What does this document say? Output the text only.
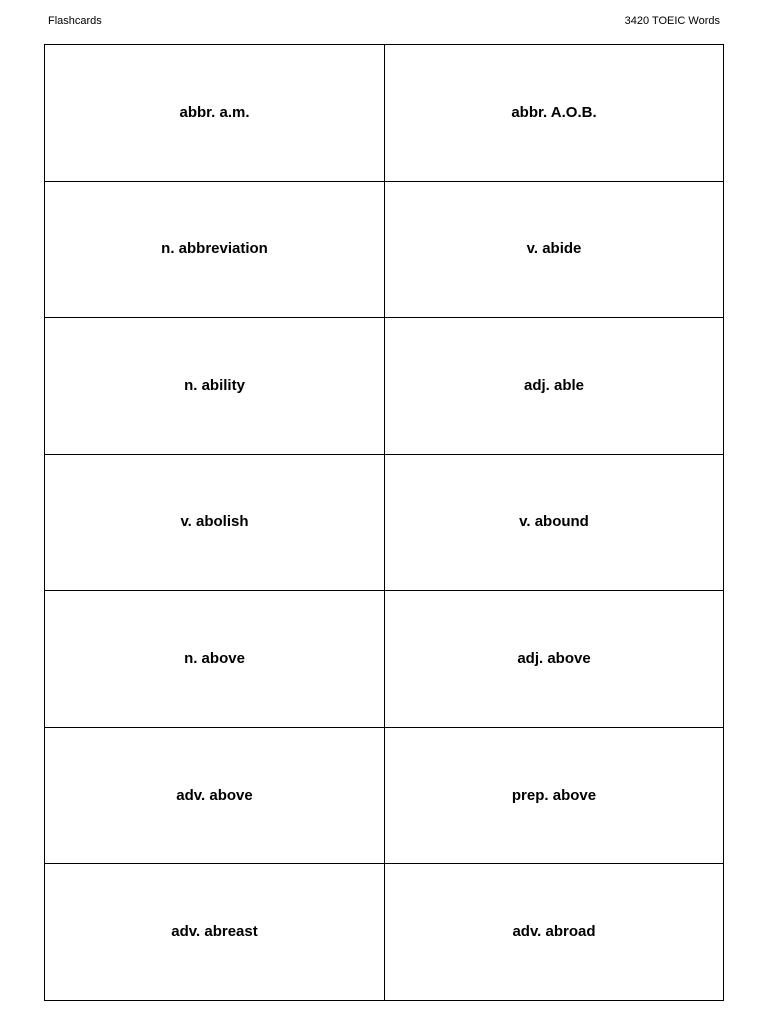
Flashcards	3420 TOEIC Words
abbr. a.m.	abbr. A.O.B.
n. abbreviation	v. abide
n. ability	adj. able
v. abolish	v. abound
n. above	adj. above
adv. above	prep. above
adv. abreast	adv. abroad
